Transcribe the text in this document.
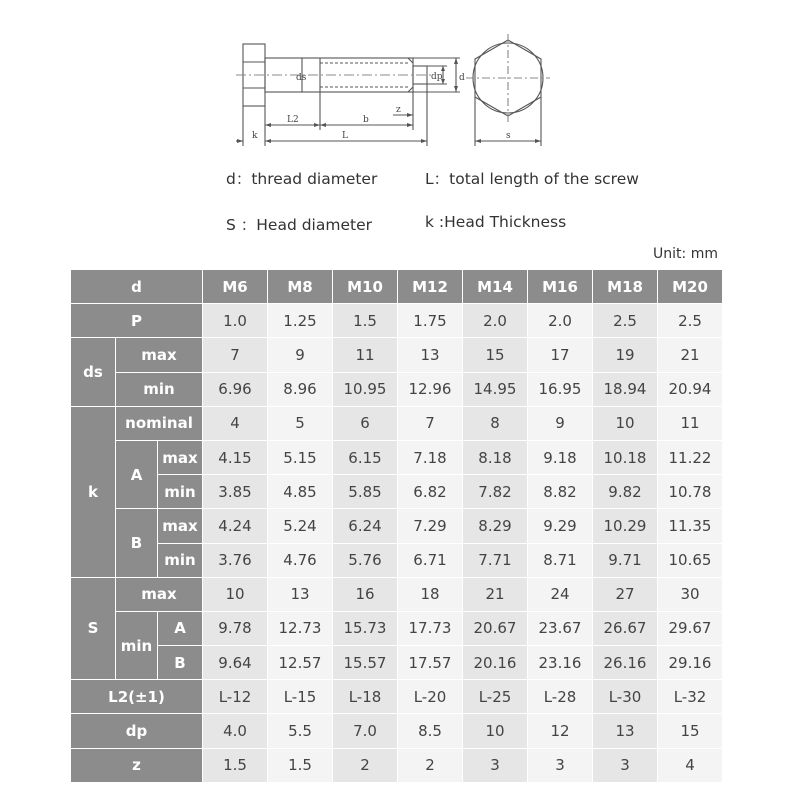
ds	dp d
L2	b
z
k	L	s
d：thread diameter	L：total length of the screw
S ：Head diameter	k :Head Thickness
Unit: mm
d			M6	M8	M10	M12	M14	M16	M18	M20
P			1.0	1.25	1.5	1.75	2.0	2.0	2.5	2.5
ds	max		7	9	11	13	15	17	19	21
	min		6.96	8.96	10.95	12.96	14.95	16.95	18.94	20.94
k	nominal		4	5	6	7	8	9	10	11
	A	max	4.15	5.15	6.15	7.18	8.18	9.18	10.18	11.22
		min	3.85	4.85	5.85	6.82	7.82	8.82	9.82	10.78
	B	max	4.24	5.24	6.24	7.29	8.29	9.29	10.29	11.35
		min	3.76	4.76	5.76	6.71	7.71	8.71	9.71	10.65
S	max		10	13	16	18	21	24	27	30
	min	A	9.78	12.73	15.73	17.73	20.67	23.67	26.67	29.67
		B	9.64	12.57	15.57	17.57	20.16	23.16	26.16	29.16
L2(±1)			L-12	L-15	L-18	L-20	L-25	L-28	L-30	L-32
dp			4.0	5.5	7.0	8.5	10	12	13	15
z			1.5	1.5	2	2	3	3	3	4
